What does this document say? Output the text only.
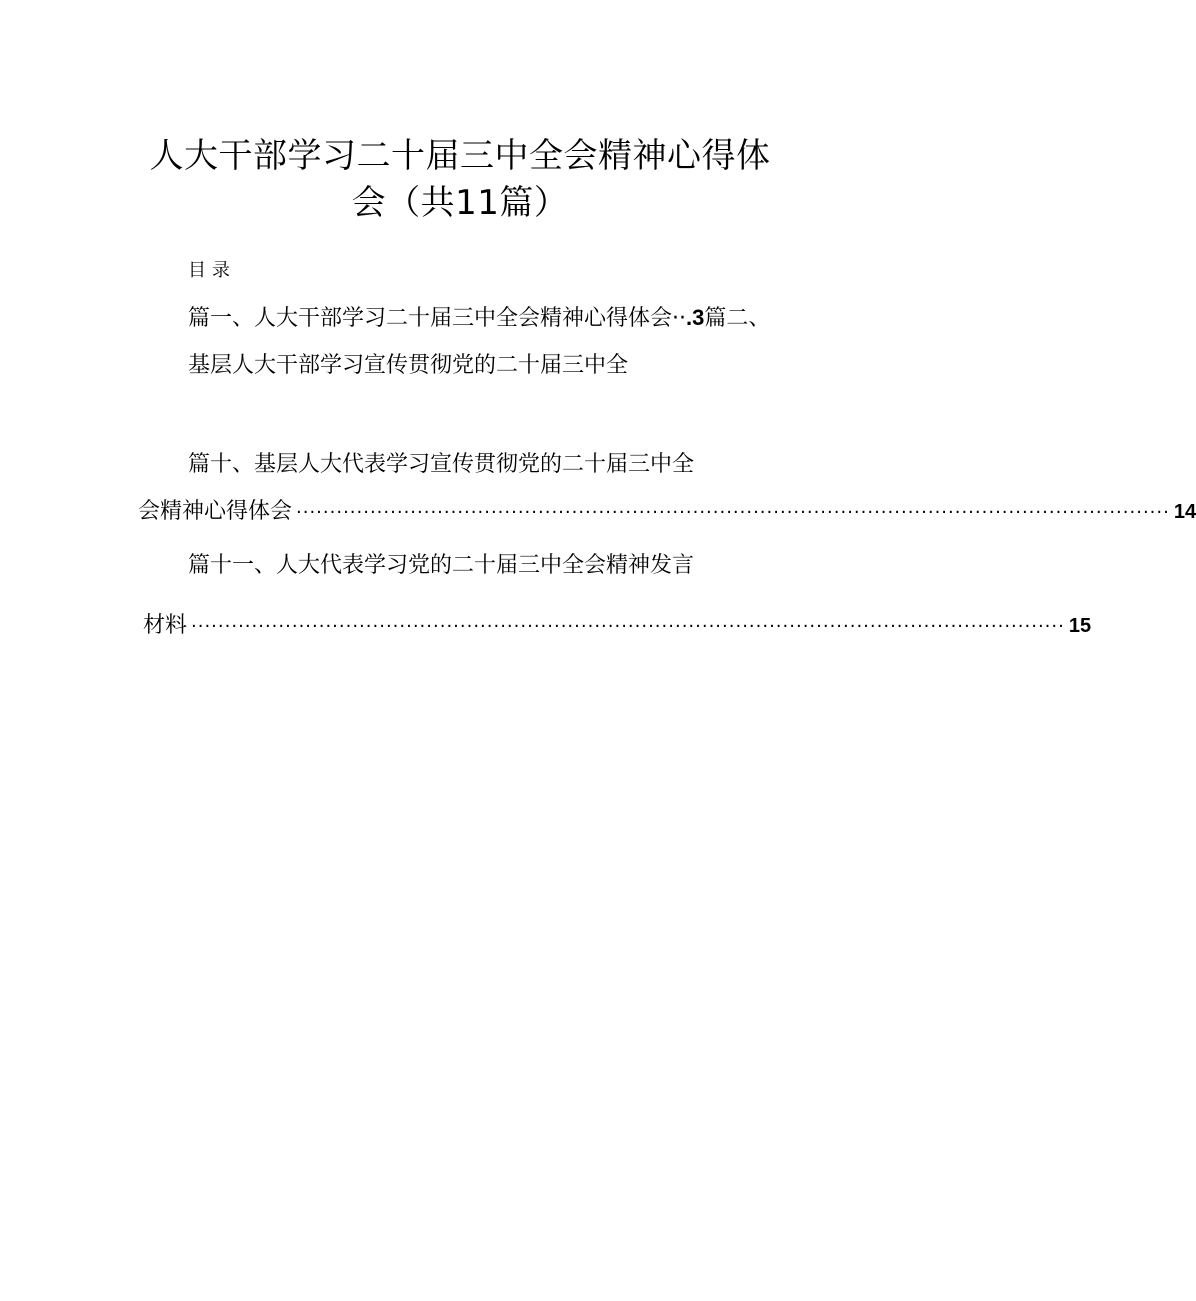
人大干部学习二十届三中全会精神心得体
会（共11篇）
目录
篇一、人大干部学习二十届三中全会精神心得体会··.3篇二、
基层人大干部学习宣传贯彻党的二十届三中全
篇十、基层人大代表学习宣传贯彻党的二十届三中全
会精神心得体会 ·································································································································· 14
篇十一、人大代表学习党的二十届三中全会精神发言
材料 ·································································································································· 15
